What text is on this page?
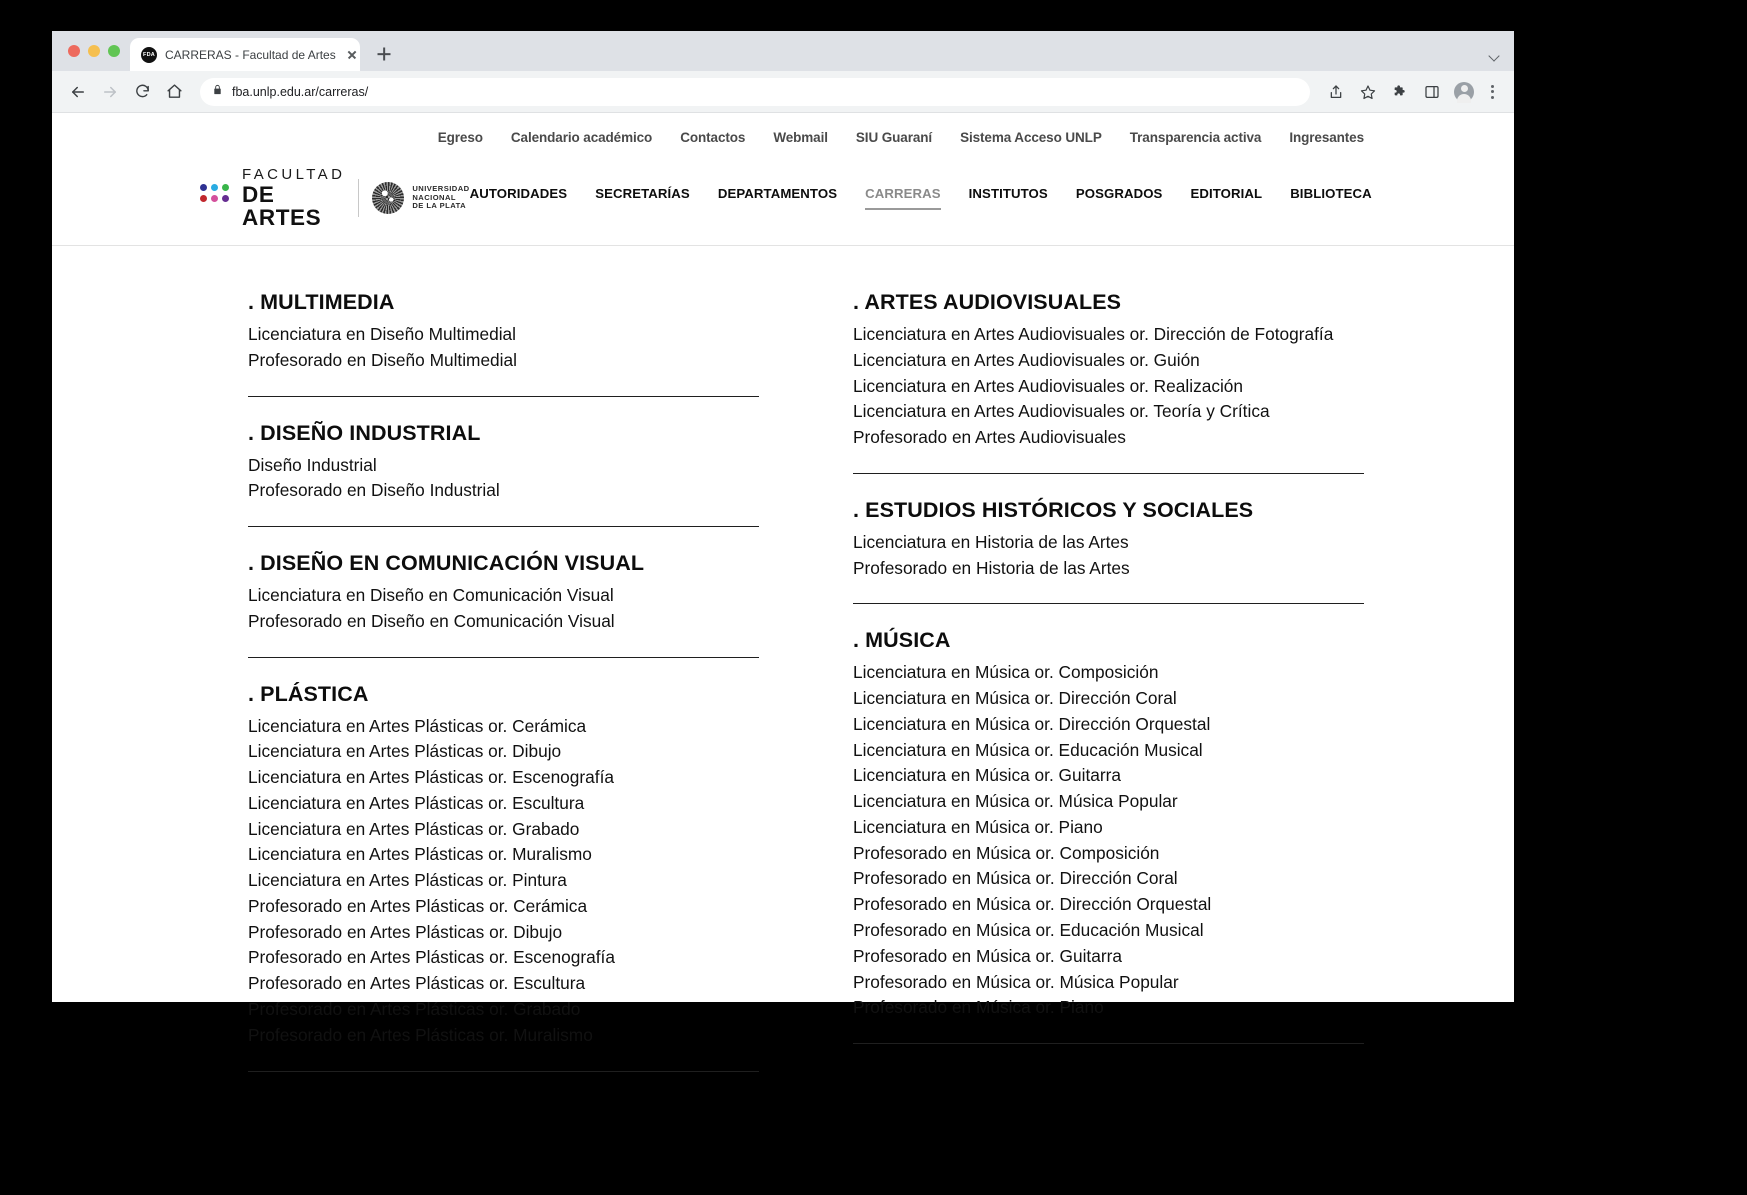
FDA CARRERAS - Facultad de Artes
fba.unlp.edu.ar/carreras/
Egreso Calendario académico Contactos Webmail SIU Guaraní Sistema Acceso UNLP Transparencia activa Ingresantes
FACULTAD
DE ARTES
UNIVERSIDAD
NACIONAL
DE LA PLATA
AUTORIDADES SECRETARÍAS DEPARTAMENTOS CARRERAS INSTITUTOS POSGRADOS EDITORIAL BIBLIOTECA
. MULTIMEDIA
Licenciatura en Diseño Multimedial
Profesorado en Diseño Multimedial
. DISEÑO INDUSTRIAL
Diseño Industrial
Profesorado en Diseño Industrial
. DISEÑO EN COMUNICACIÓN VISUAL
Licenciatura en Diseño en Comunicación Visual
Profesorado en Diseño en Comunicación Visual
. PLÁSTICA
Licenciatura en Artes Plásticas or. Cerámica
Licenciatura en Artes Plásticas or. Dibujo
Licenciatura en Artes Plásticas or. Escenografía
Licenciatura en Artes Plásticas or. Escultura
Licenciatura en Artes Plásticas or. Grabado
Licenciatura en Artes Plásticas or. Muralismo
Licenciatura en Artes Plásticas or. Pintura
Profesorado en Artes Plásticas or. Cerámica
Profesorado en Artes Plásticas or. Dibujo
Profesorado en Artes Plásticas or. Escenografía
Profesorado en Artes Plásticas or. Escultura
Profesorado en Artes Plásticas or. Grabado
Profesorado en Artes Plásticas or. Muralismo
. ARTES AUDIOVISUALES
Licenciatura en Artes Audiovisuales or. Dirección de Fotografía
Licenciatura en Artes Audiovisuales or. Guión
Licenciatura en Artes Audiovisuales or. Realización
Licenciatura en Artes Audiovisuales or. Teoría y Crítica
Profesorado en Artes Audiovisuales
. ESTUDIOS HISTÓRICOS Y SOCIALES
Licenciatura en Historia de las Artes
Profesorado en Historia de las Artes
. MÚSICA
Licenciatura en Música or. Composición
Licenciatura en Música or. Dirección Coral
Licenciatura en Música or. Dirección Orquestal
Licenciatura en Música or. Educación Musical
Licenciatura en Música or. Guitarra
Licenciatura en Música or. Música Popular
Licenciatura en Música or. Piano
Profesorado en Música or. Composición
Profesorado en Música or. Dirección Coral
Profesorado en Música or. Dirección Orquestal
Profesorado en Música or. Educación Musical
Profesorado en Música or. Guitarra
Profesorado en Música or. Música Popular
Profesorado en Música or. Piano
